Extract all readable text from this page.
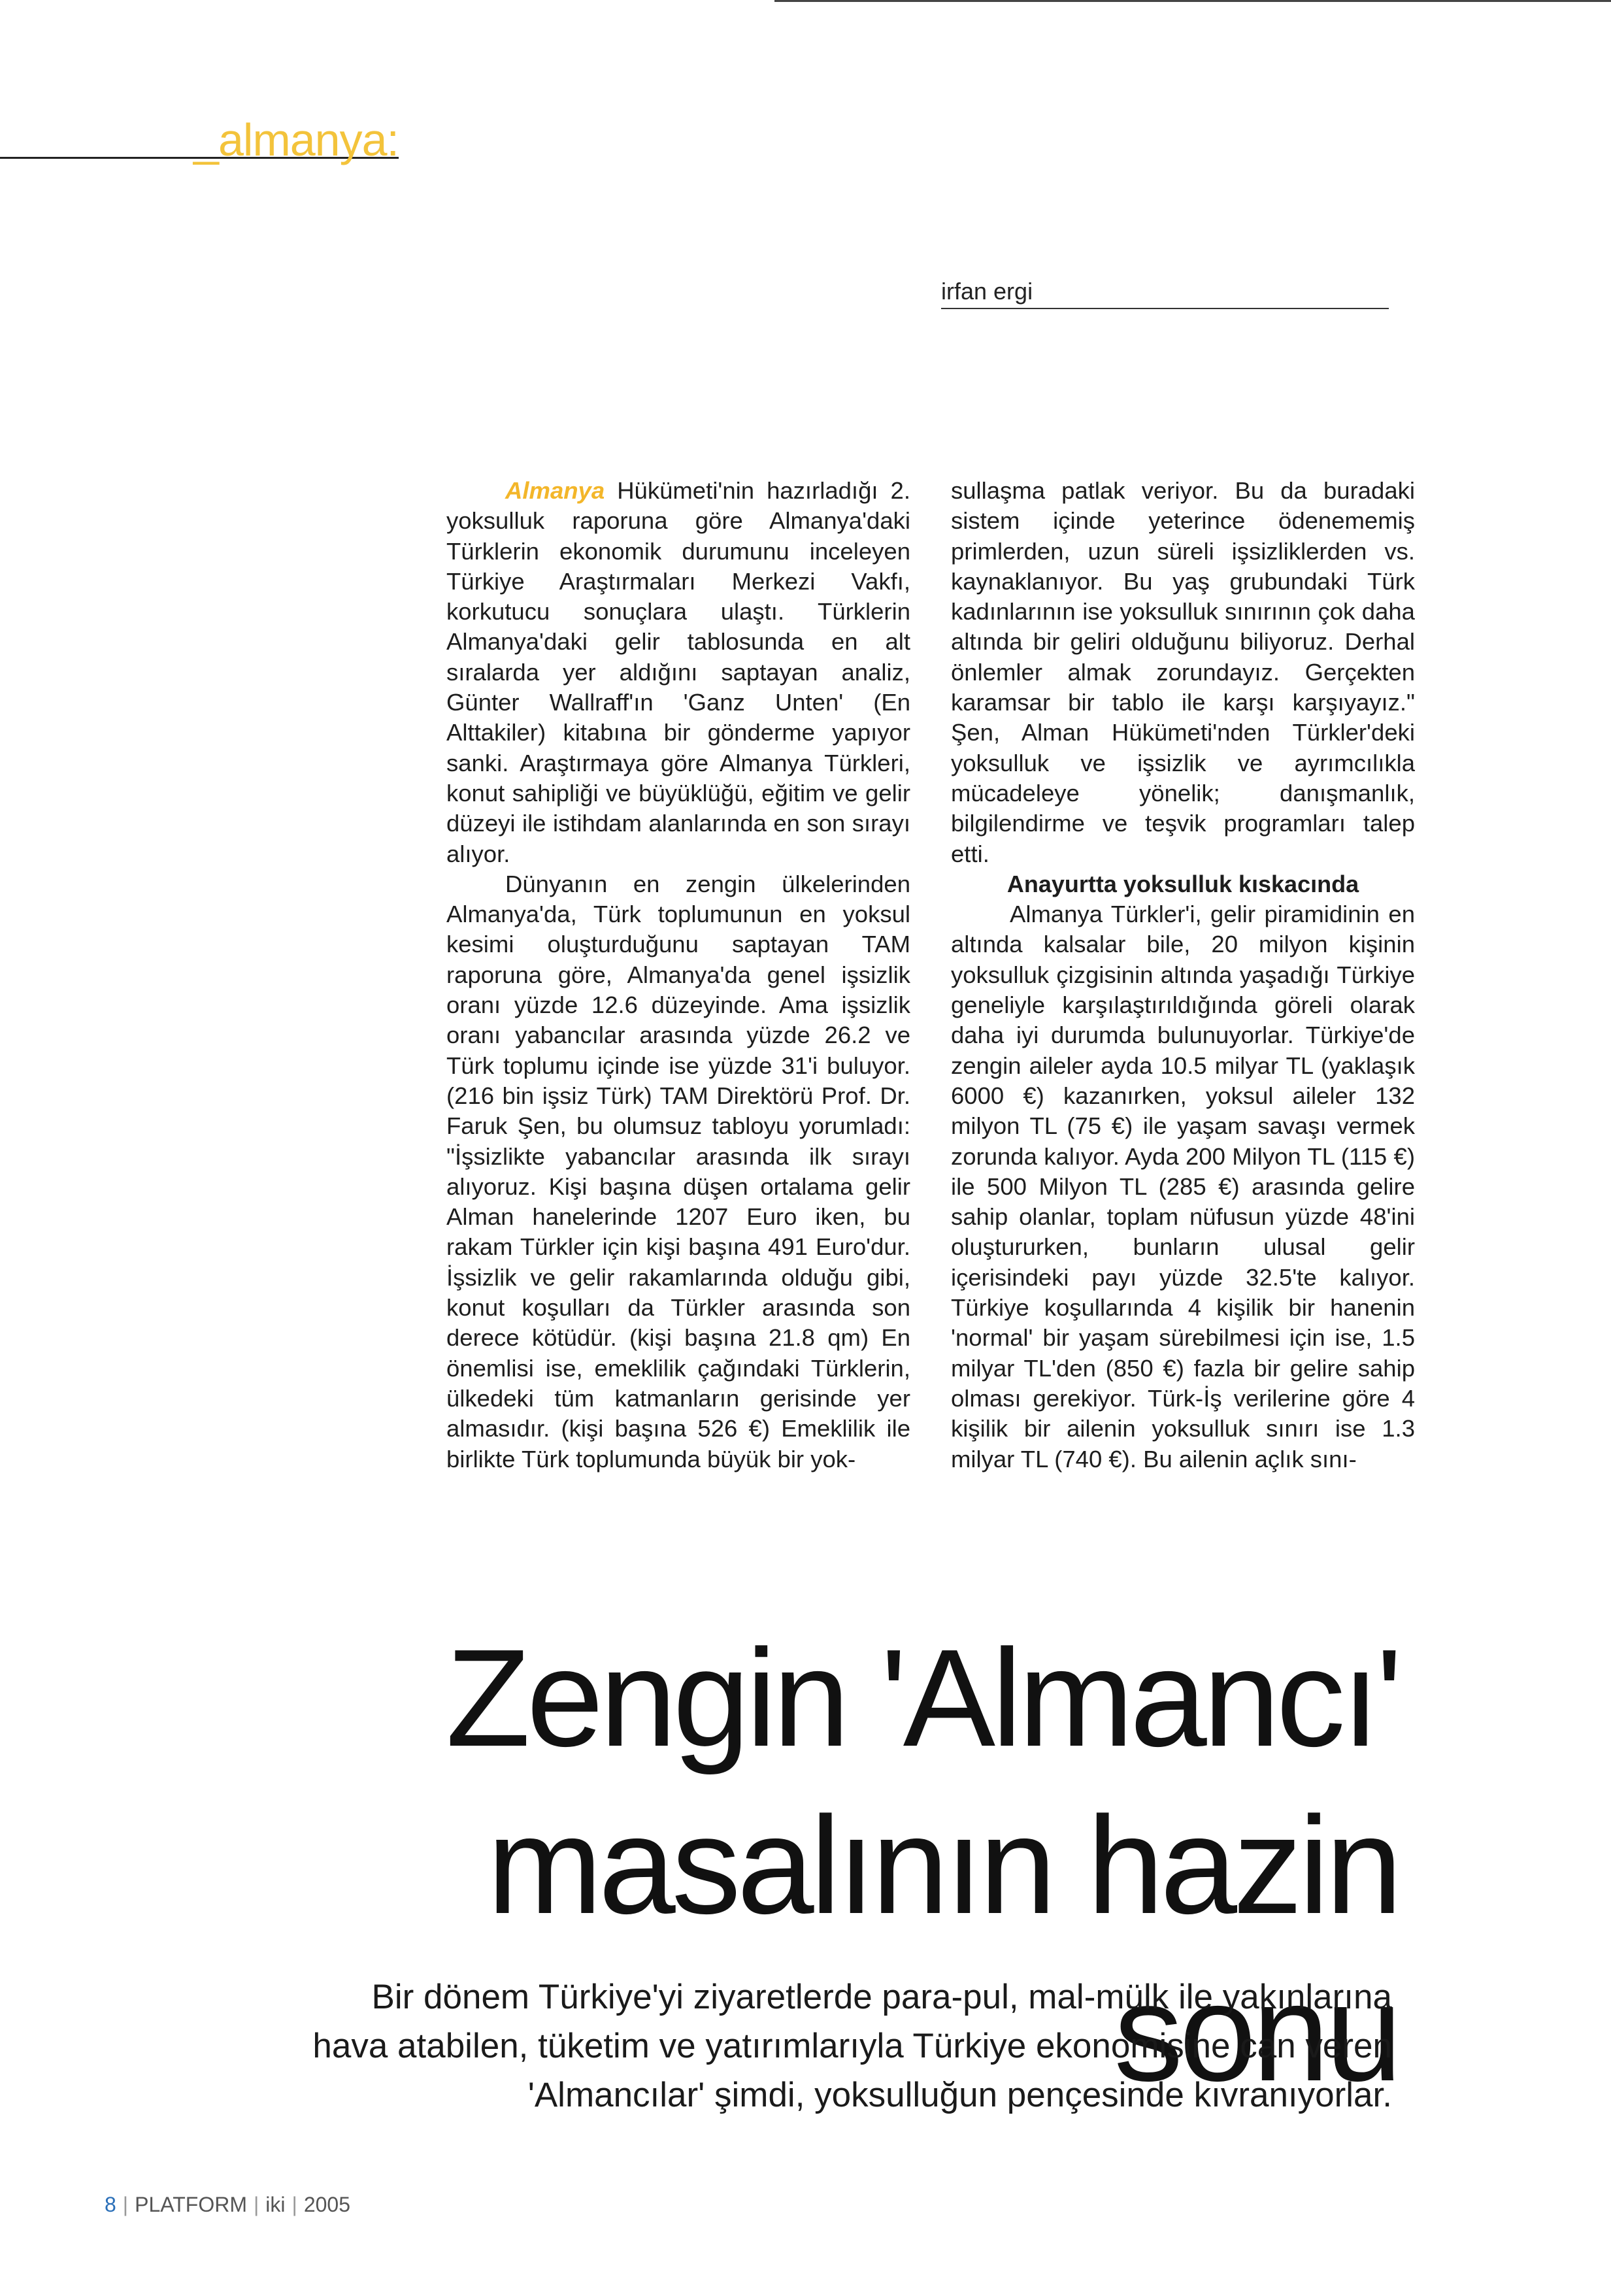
_almanya:
irfan ergi

Almanya Hükümeti'nin hazırladığı 2. yoksulluk raporuna göre Almanya'daki Türklerin ekonomik durumunu inceleyen Türkiye Araştırmaları Merkezi Vakfı, korkutucu sonuçlara ulaştı. Türklerin Almanya'daki gelir tablosunda en alt sıralarda yer aldığını saptayan analiz, Günter Wallraff'ın 'Ganz Unten' (En Alttakiler) kitabına bir gönderme yapıyor sanki. Araştırmaya göre Almanya Türkleri, konut sahipliği ve büyüklüğü, eğitim ve gelir düzeyi ile istihdam alanlarında en son sırayı alıyor.

Dünyanın en zengin ülkelerinden Almanya'da, Türk toplumunun en yoksul kesimi oluşturduğunu saptayan TAM raporuna göre, Almanya'da genel işsizlik oranı yüzde 12.6 düzeyinde. Ama işsizlik oranı yabancılar arasında yüzde 26.2 ve Türk toplumu içinde ise yüzde 31'i buluyor. (216 bin işsiz Türk) TAM Direktörü Prof. Dr. Faruk Şen, bu olumsuz tabloyu yorumladı: "İşsizlikte yabancılar arasında ilk sırayı alıyoruz. Kişi başına düşen ortalama gelir Alman hanelerinde 1207 Euro iken, bu rakam Türkler için kişi başına 491 Euro'dur. İşsizlik ve gelir rakamlarında olduğu gibi, konut koşulları da Türkler arasında son derece kötüdür. (kişi başına 21.8 qm) En önemlisi ise, emeklilik çağındaki Türklerin, ülkedeki tüm katmanların gerisinde yer almasıdır. (kişi başına 526 €) Emeklilik ile birlikte Türk toplumunda büyük bir yok-

sullaşma patlak veriyor. Bu da buradaki sistem içinde yeterince ödenememiş primlerden, uzun süreli işsizliklerden vs. kaynaklanıyor. Bu yaş grubundaki Türk kadınlarının ise yoksulluk sınırının çok daha altında bir geliri olduğunu biliyoruz. Derhal önlemler almak zorundayız. Gerçekten karamsar bir tablo ile karşı karşıyayız." Şen, Alman Hükümeti'nden Türkler'deki yoksulluk ve işsizlik ve ayrımcılıkla mücadeleye yönelik; danışmanlık, bilgilendirme ve teşvik programları talep etti.

Anayurtta yoksulluk kıskacında

Almanya Türkler'i, gelir piramidinin en altında kalsalar bile, 20 milyon kişinin yoksulluk çizgisinin altında yaşadığı Türkiye geneliyle karşılaştırıldığında göreli olarak daha iyi durumda bulunuyorlar. Türkiye'de zengin aileler ayda 10.5 milyar TL (yaklaşık 6000 €) kazanırken, yoksul aileler 132 milyon TL (75 €) ile yaşam savaşı vermek zorunda kalıyor. Ayda 200 Milyon TL (115 €) ile 500 Milyon TL (285 €) arasında gelire sahip olanlar, toplam nüfusun yüzde 48'ini oluştururken, bunların ulusal gelir içerisindeki payı yüzde 32.5'te kalıyor. Türkiye koşullarında 4 kişilik bir hanenin 'normal' bir yaşam sürebilmesi için ise, 1.5 milyar TL'den (850 €) fazla bir gelire sahip olması gerekiyor. Türk-İş verilerine göre 4 kişilik bir ailenin yoksulluk sınırı ise 1.3 milyar TL (740 €). Bu ailenin açlık sını-

Zengin 'Almancı'
masalının hazin sonu
Bir dönem Türkiye'yi ziyaretlerde para-pul, mal-mülk ile yakınlarına
hava atabilen, tüketim ve yatırımlarıyla Türkiye ekonomisine can veren
'Almancılar' şimdi, yoksulluğun pençesinde kıvranıyorlar.
8 | PLATFORM | iki | 2005
